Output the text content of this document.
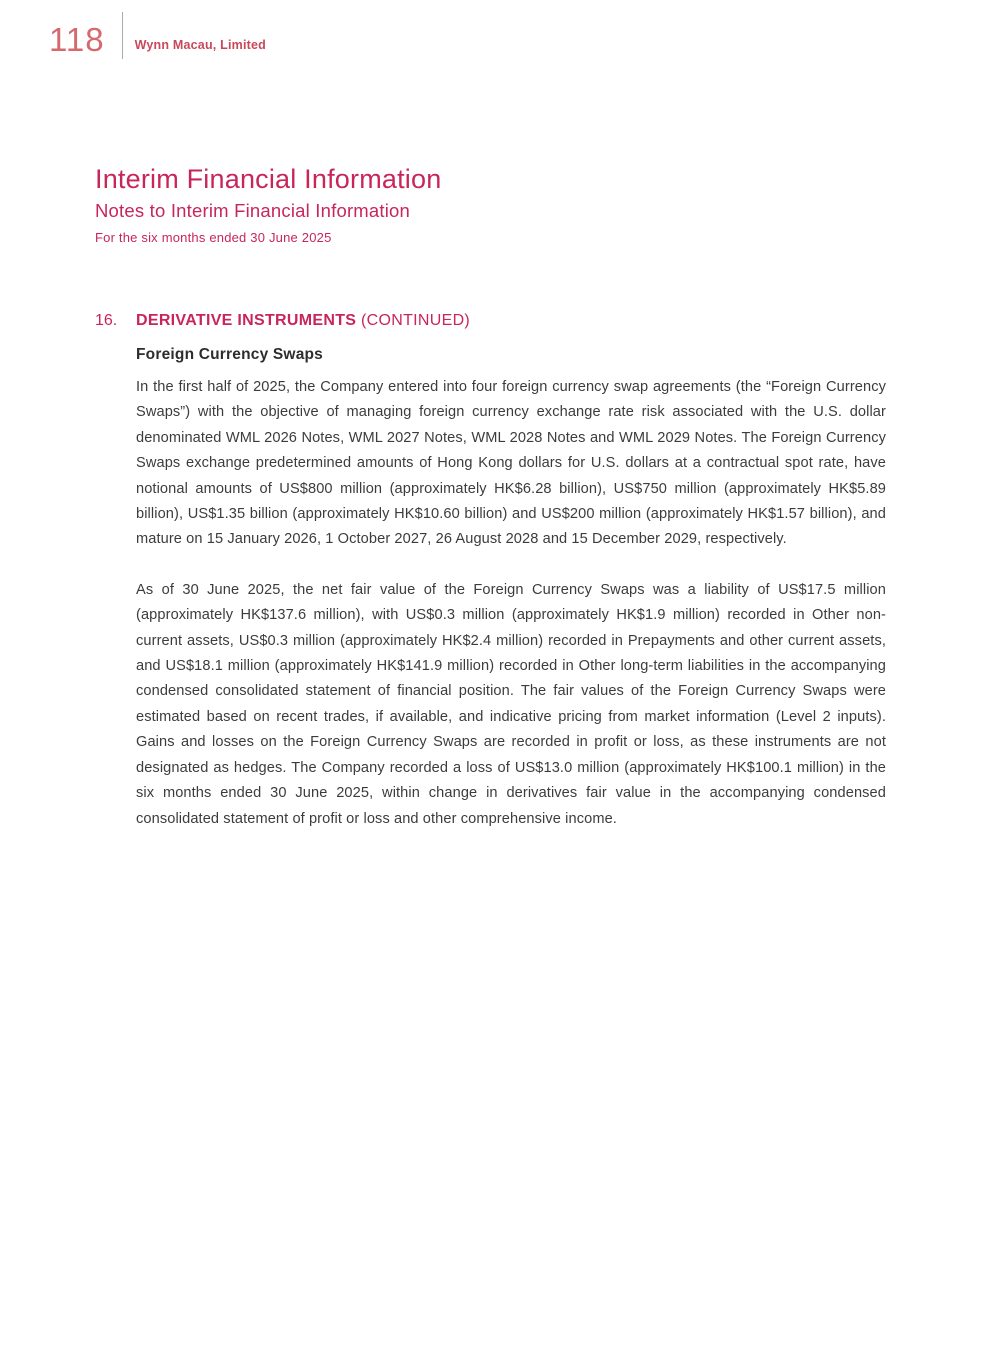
118	Wynn Macau, Limited
Interim Financial Information
Notes to Interim Financial Information
For the six months ended 30 June 2025
16.	DERIVATIVE INSTRUMENTS (CONTINUED)
Foreign Currency Swaps

In the first half of 2025, the Company entered into four foreign currency swap agreements (the “Foreign Currency Swaps”) with the objective of managing foreign currency exchange rate risk associated with the U.S. dollar denominated WML 2026 Notes, WML 2027 Notes, WML 2028 Notes and WML 2029 Notes. The Foreign Currency Swaps exchange predetermined amounts of Hong Kong dollars for U.S. dollars at a contractual spot rate, have notional amounts of US$800 million (approximately HK$6.28 billion), US$750 million (approximately HK$5.89 billion), US$1.35 billion (approximately HK$10.60 billion) and US$200 million (approximately HK$1.57 billion), and mature on 15 January 2026, 1 October 2027, 26 August 2028 and 15 December 2029, respectively.

As of 30 June 2025, the net fair value of the Foreign Currency Swaps was a liability of US$17.5 million (approximately HK$137.6 million), with US$0.3 million (approximately HK$1.9 million) recorded in Other non-current assets, US$0.3 million (approximately HK$2.4 million) recorded in Prepayments and other current assets, and US$18.1 million (approximately HK$141.9 million) recorded in Other long-term liabilities in the accompanying condensed consolidated statement of financial position. The fair values of the Foreign Currency Swaps were estimated based on recent trades, if available, and indicative pricing from market information (Level 2 inputs). Gains and losses on the Foreign Currency Swaps are recorded in profit or loss, as these instruments are not designated as hedges. The Company recorded a loss of US$13.0 million (approximately HK$100.1 million) in the six months ended 30 June 2025, within change in derivatives fair value in the accompanying condensed consolidated statement of profit or loss and other comprehensive income.
